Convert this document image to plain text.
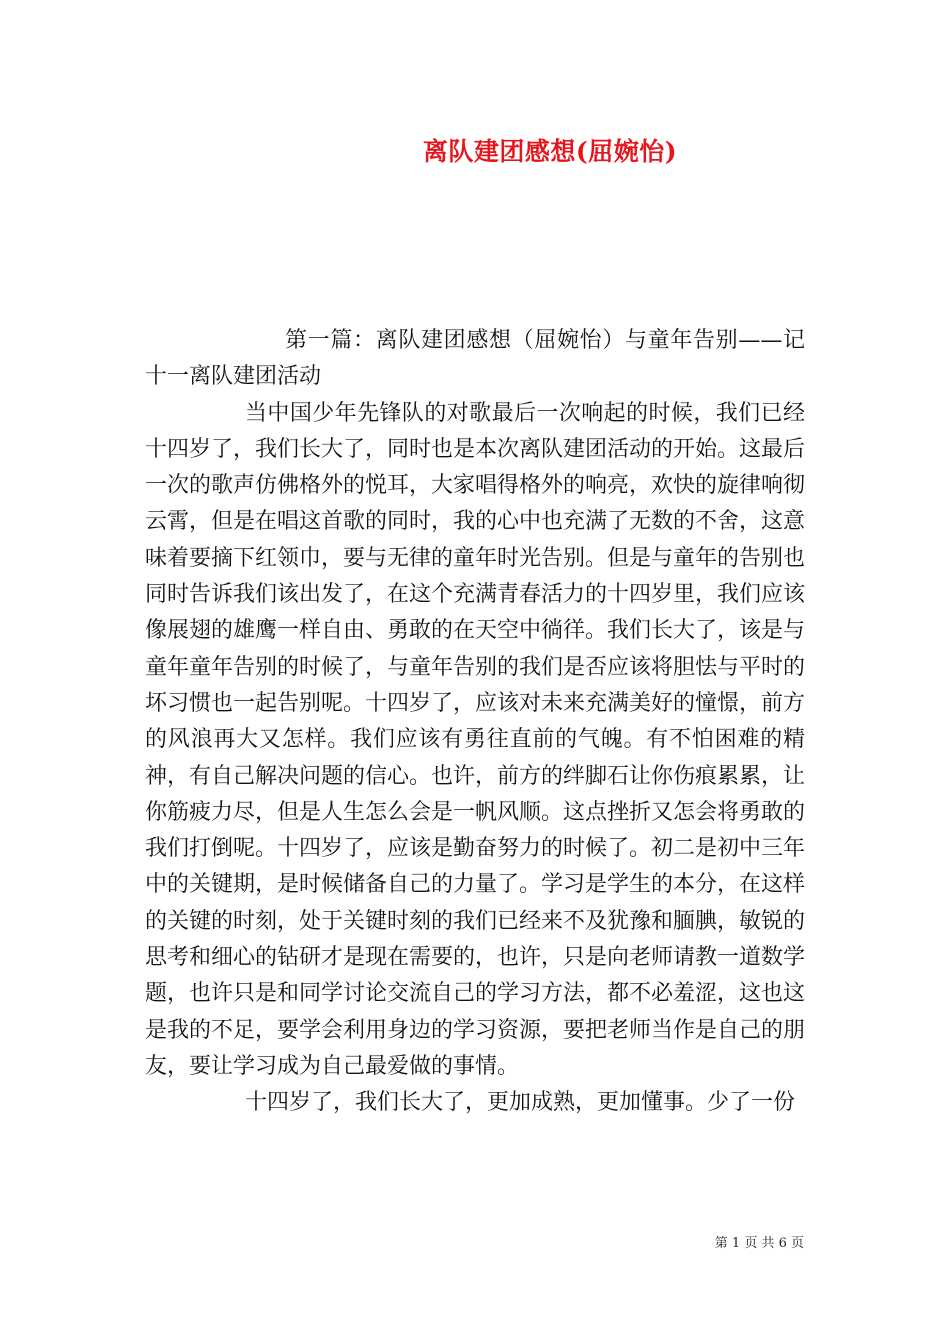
离队建团感想(屈婉怡)

第一篇：离队建团感想（屈婉怡）与童年告别——记十一离队建团活动

当中国少年先锋队的对歌最后一次响起的时候，我们已经十四岁了，我们长大了，同时也是本次离队建团活动的开始。这最后一次的歌声仿佛格外的悦耳，大家唱得格外的响亮，欢快的旋律响彻云霄，但是在唱这首歌的同时，我的心中也充满了无数的不舍，这意味着要摘下红领巾，要与无律的童年时光告别。但是与童年的告别也同时告诉我们该出发了，在这个充满青春活力的十四岁里，我们应该像展翅的雄鹰一样自由、勇敢的在天空中徜徉。我们长大了，该是与童年童年告别的时候了，与童年告别的我们是否应该将胆怯与平时的坏习惯也一起告别呢。十四岁了，应该对未来充满美好的憧憬，前方的风浪再大又怎样。我们应该有勇往直前的气魄。有不怕困难的精神，有自己解决问题的信心。也许，前方的绊脚石让你伤痕累累，让你筋疲力尽，但是人生怎么会是一帆风顺。这点挫折又怎会将勇敢的我们打倒呢。十四岁了，应该是勤奋努力的时候了。初二是初中三年中的关键期，是时候储备自己的力量了。学习是学生的本分，在这样的关键的时刻，处于关键时刻的我们已经来不及犹豫和腼腆，敏锐的思考和细心的钻研才是现在需要的，也许，只是向老师请教一道数学题，也许只是和同学讨论交流自己的学习方法，都不必羞涩，这也这是我的不足，要学会利用身边的学习资源，要把老师当作是自己的朋友，要让学习成为自己最爱做的事情。

十四岁了，我们长大了，更加成熟，更加懂事。少了一份

第 1 页 共 6 页
